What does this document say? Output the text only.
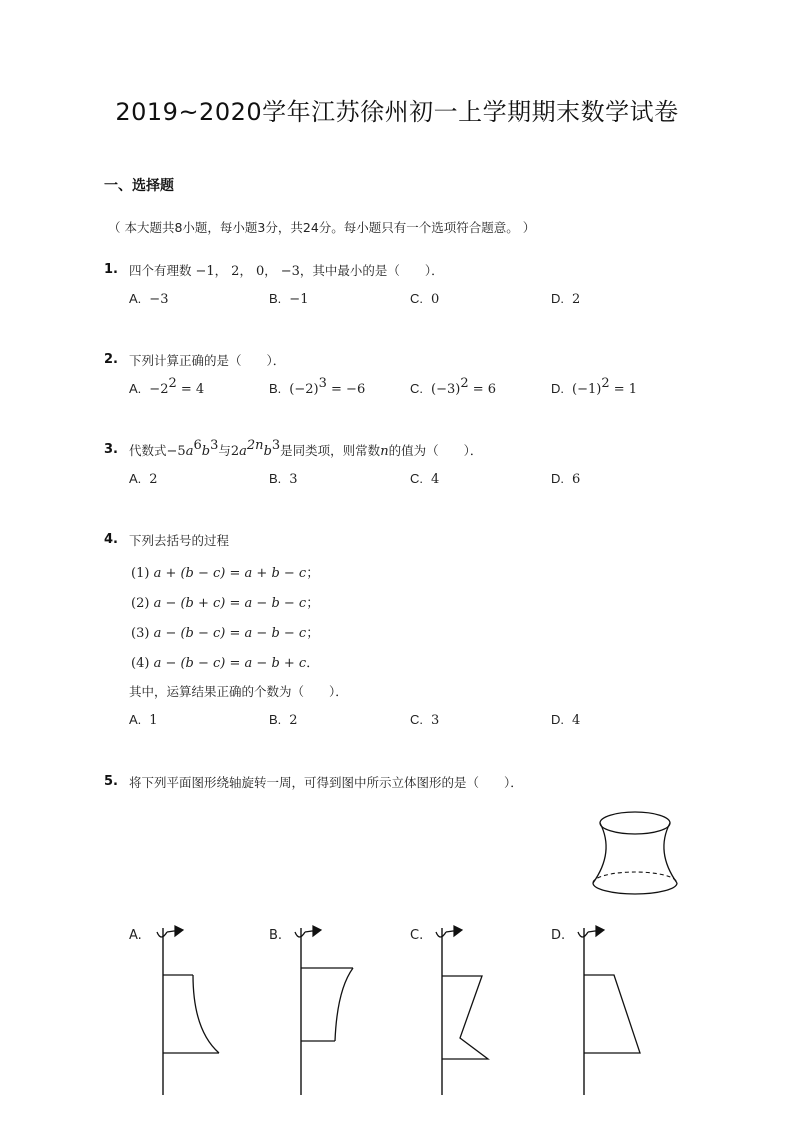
2019~2020学年江苏徐州初一上学期期末数学试卷
一、选择题
（ 本大题共8小题，每小题3分，共24分。每小题只有一个选项符合题意。 ）
1. 四个有理数 −1， 2， 0， −3，其中最小的是（　　）．
A. −3	B. −1	C. 0	D. 2
2. 下列计算正确的是（　　）．
A. $-2^2 = 4$	B. $(-2)^3 = -6$	C. $(-3)^2 = 6$	D. $(-1)^2 = 1$
3. 代数式$-5a^6b^3$与$2a^{2n}b^3$是同类项，则常数n的值为（　　）．
A. 2	B. 3	C. 4	D. 6
4. 下列去括号的过程
(1) a + (b − c) = a + b − c；
(2) a − (b + c) = a − b − c；
(3) a − (b − c) = a − b − c；
(4) a − (b − c) = a − b + c．
其中，运算结果正确的个数为（　　）．
A. 1	B. 2	C. 3	D. 4
5. 将下列平面图形绕轴旋转一周，可得到图中所示立体图形的是（　　）．
A.	B.	C.	D.
